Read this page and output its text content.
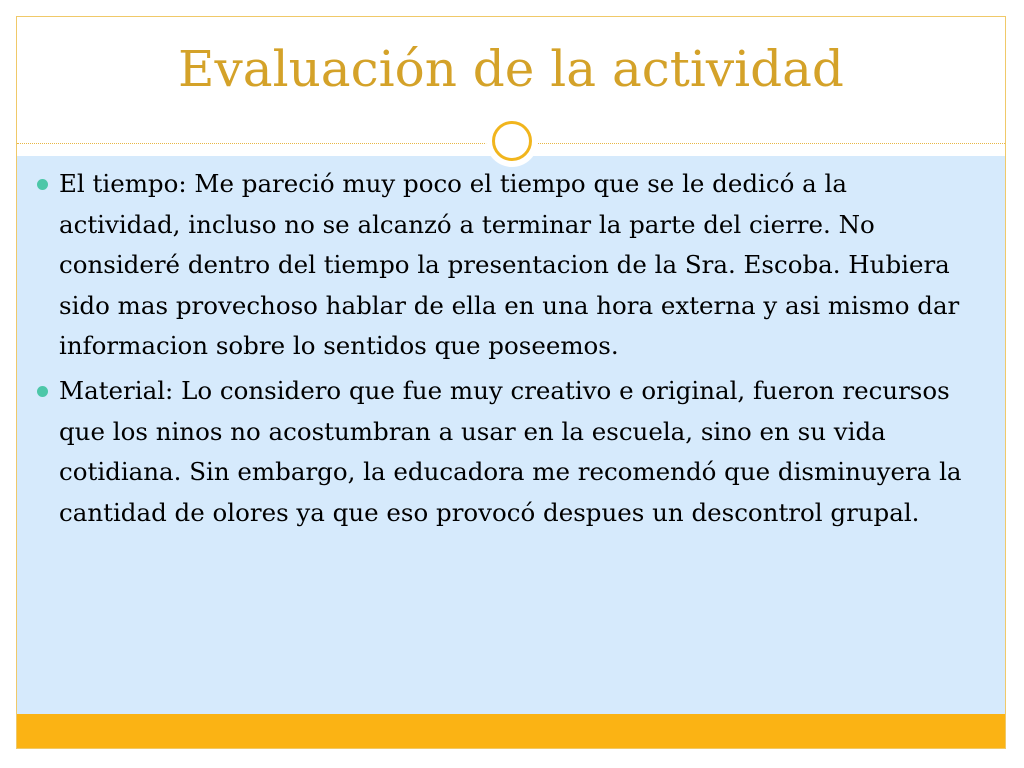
Evaluación de la actividad
El tiempo: Me pareció muy poco el tiempo que se le dedicó a la actividad, incluso no se alcanzó a terminar la parte del cierre. No consideré dentro del tiempo la presentacion de la Sra. Escoba. Hubiera sido mas provechoso hablar de ella en una hora externa y asi mismo dar informacion sobre lo sentidos que poseemos.
Material: Lo considero que fue muy creativo e original, fueron recursos que los ninos no acostumbran a usar en la escuela, sino en su vida cotidiana. Sin embargo, la educadora me recomendó que disminuyera la cantidad de olores ya que eso provocó despues un descontrol grupal.
